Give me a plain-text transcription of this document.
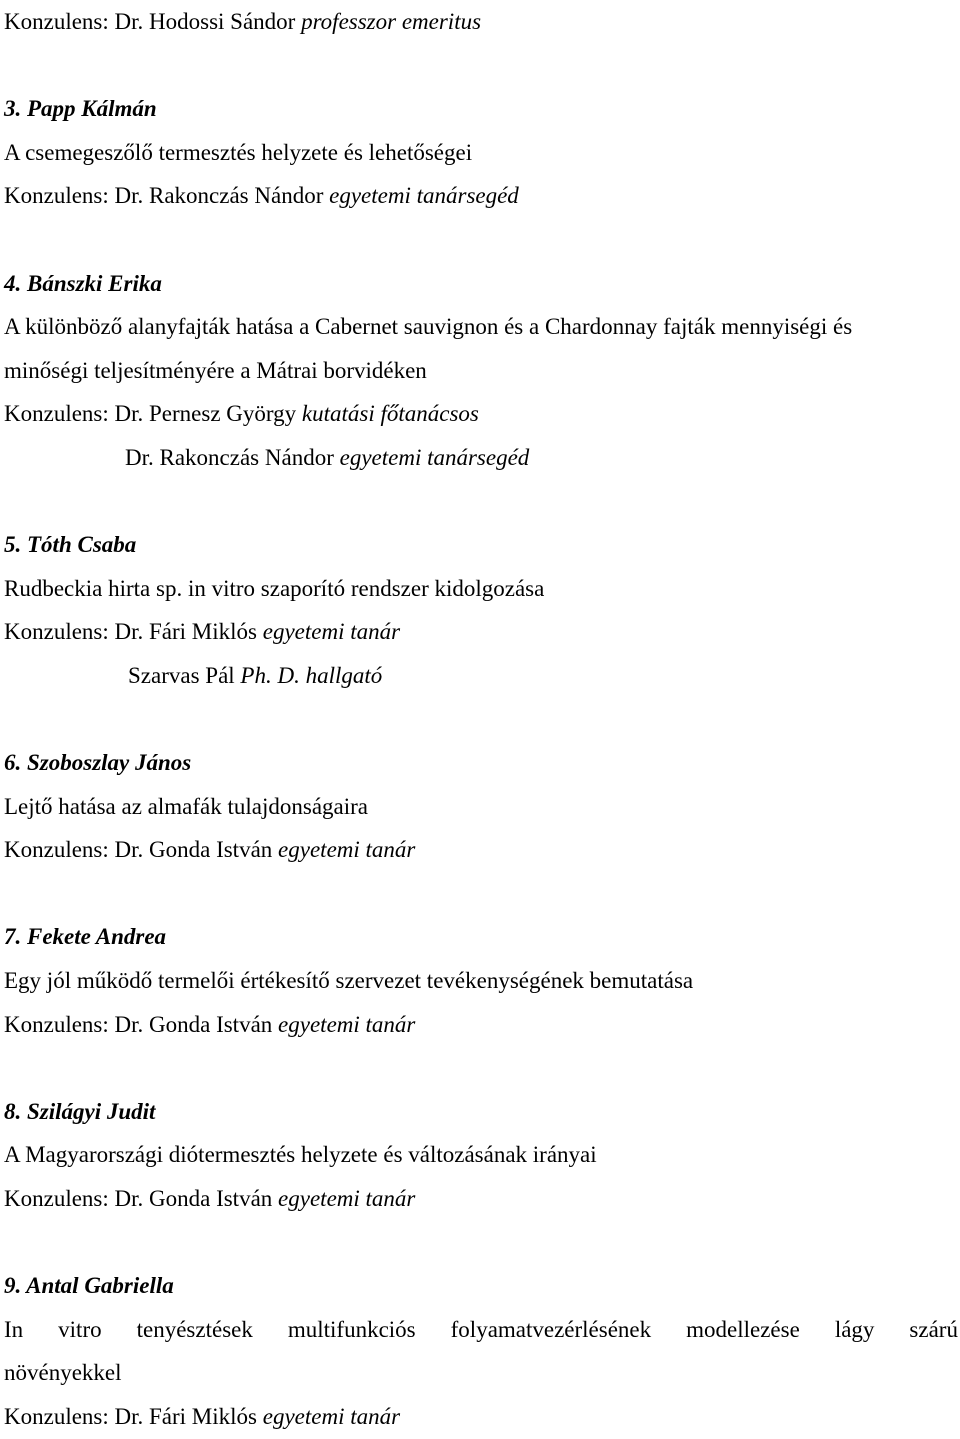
Konzulens: Dr. Hodossi Sándor professzor emeritus
3. Papp Kálmán
A csemegeszőlő termesztés helyzete és lehetőségei
Konzulens: Dr. Rakonczás Nándor egyetemi tanársegéd
4. Bánszki Erika
A különböző alanyfajták hatása a Cabernet sauvignon és a Chardonnay fajták mennyiségi és
minőségi teljesítményére a Mátrai borvidéken
Konzulens: Dr. Pernesz György kutatási főtanácsos
Dr. Rakonczás Nándor egyetemi tanársegéd
5. Tóth Csaba
Rudbeckia hirta sp. in vitro szaporító rendszer kidolgozása
Konzulens: Dr. Fári Miklós egyetemi tanár
Szarvas Pál Ph. D. hallgató
6. Szoboszlay János
Lejtő hatása az almafák tulajdonságaira
Konzulens: Dr. Gonda István egyetemi tanár
7. Fekete Andrea
Egy jól működő termelői értékesítő szervezet tevékenységének bemutatása
Konzulens: Dr. Gonda István egyetemi tanár
8. Szilágyi Judit
A Magyarországi diótermesztés helyzete és változásának irányai
Konzulens: Dr. Gonda István egyetemi tanár
9. Antal Gabriella
In vitro tenyésztések multifunkciós folyamatvezérlésének modellezése lágy szárú
növényekkel
Konzulens: Dr. Fári Miklós egyetemi tanár
